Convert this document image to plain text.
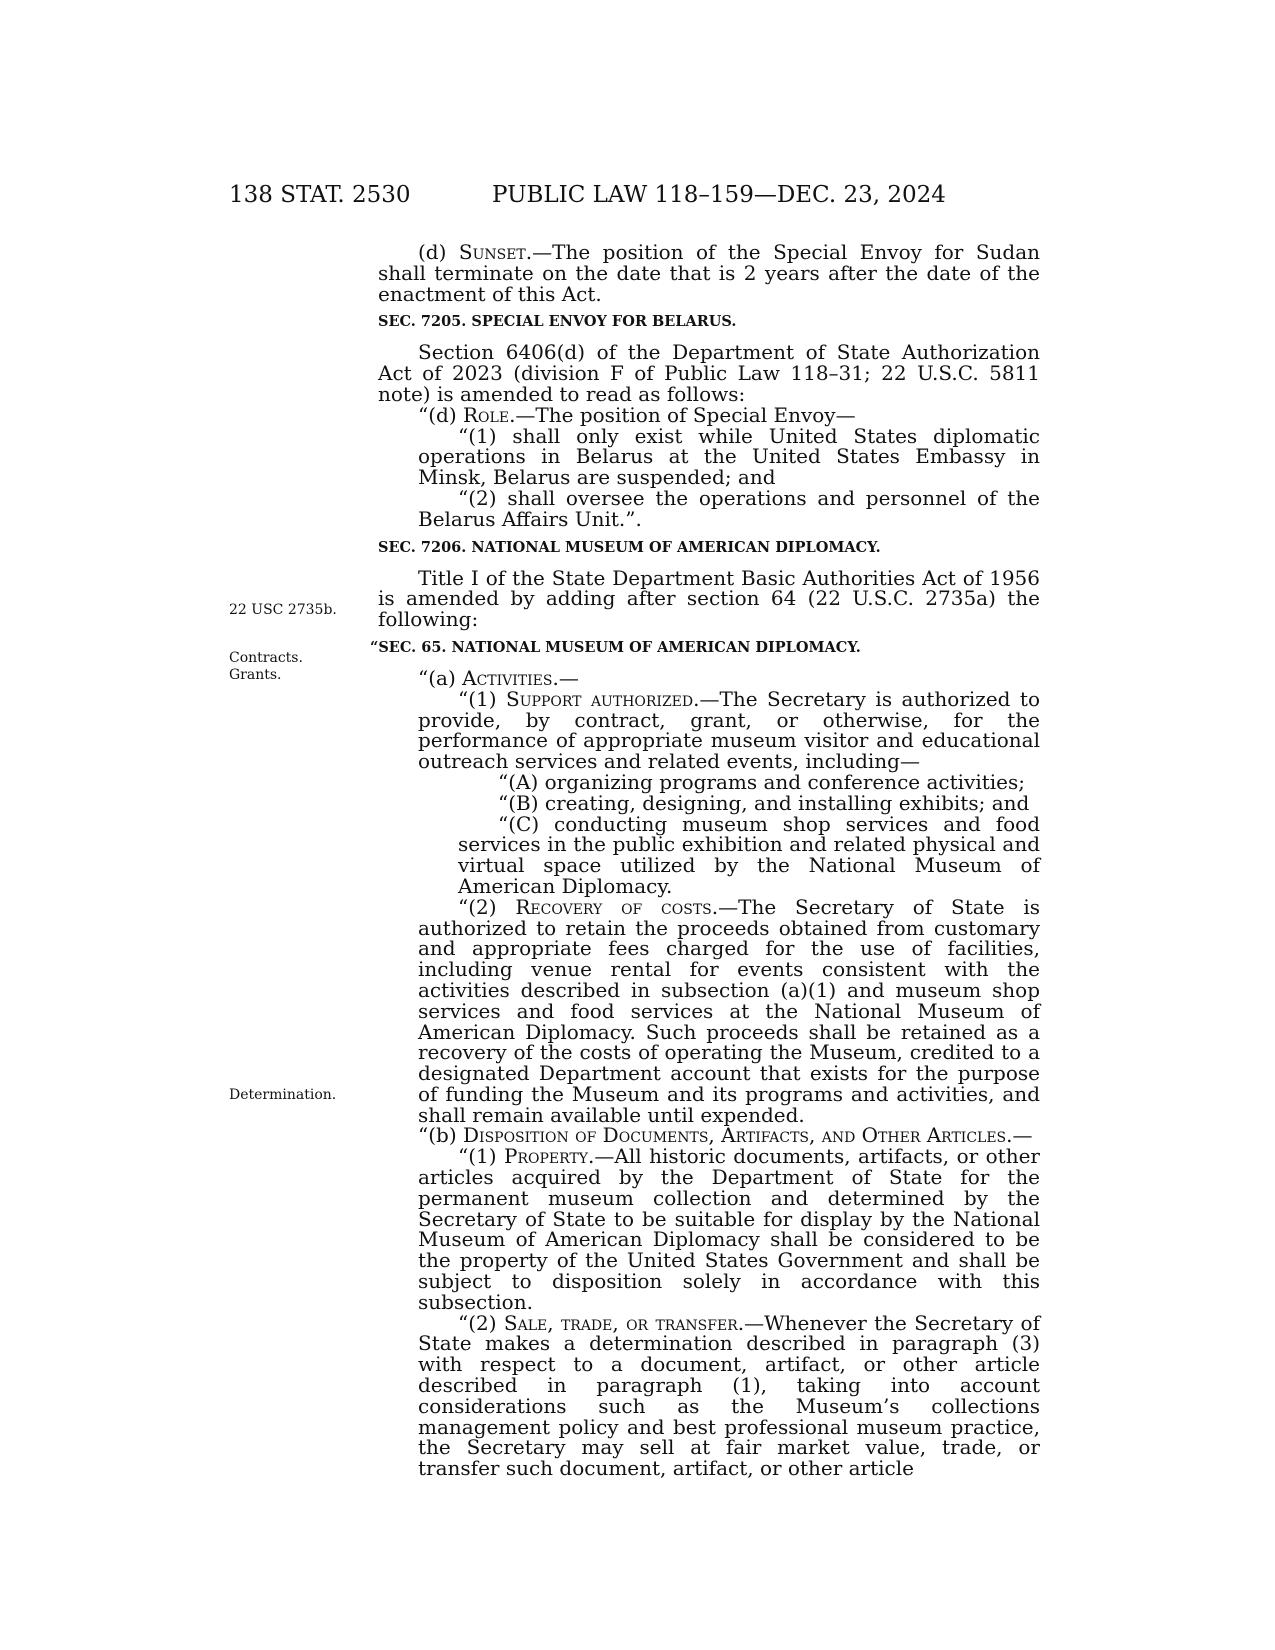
138 STAT. 2530	PUBLIC LAW 118–159—DEC. 23, 2024
22 USC 2735b.
Contracts.
Grants.
Determination.

(d) Sunset.—The position of the Special Envoy for Sudan shall terminate on the date that is 2 years after the date of the enactment of this Act.

SEC. 7205. SPECIAL ENVOY FOR BELARUS.

Section 6406(d) of the Department of State Authorization Act of 2023 (division F of Public Law 118–31; 22 U.S.C. 5811 note) is amended to read as follows:

“(d) Role.—The position of Special Envoy—

“(1) shall only exist while United States diplomatic operations in Belarus at the United States Embassy in Minsk, Belarus are suspended; and

“(2) shall oversee the operations and personnel of the Belarus Affairs Unit.”.

SEC. 7206. NATIONAL MUSEUM OF AMERICAN DIPLOMACY.

Title I of the State Department Basic Authorities Act of 1956 is amended by adding after section 64 (22 U.S.C. 2735a) the following:

“SEC. 65. NATIONAL MUSEUM OF AMERICAN DIPLOMACY.

“(a) Activities.—

“(1) Support authorized.—The Secretary is authorized to provide, by contract, grant, or otherwise, for the performance of appropriate museum visitor and educational outreach services and related events, including—

“(A) organizing programs and conference activities;

“(B) creating, designing, and installing exhibits; and

“(C) conducting museum shop services and food services in the public exhibition and related physical and virtual space utilized by the National Museum of American Diplomacy.

“(2) Recovery of costs.—The Secretary of State is authorized to retain the proceeds obtained from customary and appropriate fees charged for the use of facilities, including venue rental for events consistent with the activities described in subsection (a)(1) and museum shop services and food services at the National Museum of American Diplomacy. Such proceeds shall be retained as a recovery of the costs of operating the Museum, credited to a designated Department account that exists for the purpose of funding the Museum and its programs and activities, and shall remain available until expended.

“(b) Disposition of Documents, Artifacts, and Other Articles.—

“(1) Property.—All historic documents, artifacts, or other articles acquired by the Department of State for the permanent museum collection and determined by the Secretary of State to be suitable for display by the National Museum of American Diplomacy shall be considered to be the property of the United States Government and shall be subject to disposition solely in accordance with this subsection.

“(2) Sale, trade, or transfer.—Whenever the Secretary of State makes a determination described in paragraph (3) with respect to a document, artifact, or other article described in paragraph (1), taking into account considerations such as the Museum’s collections management policy and best professional museum practice, the Secretary may sell at fair market value, trade, or transfer such document, artifact, or other article
